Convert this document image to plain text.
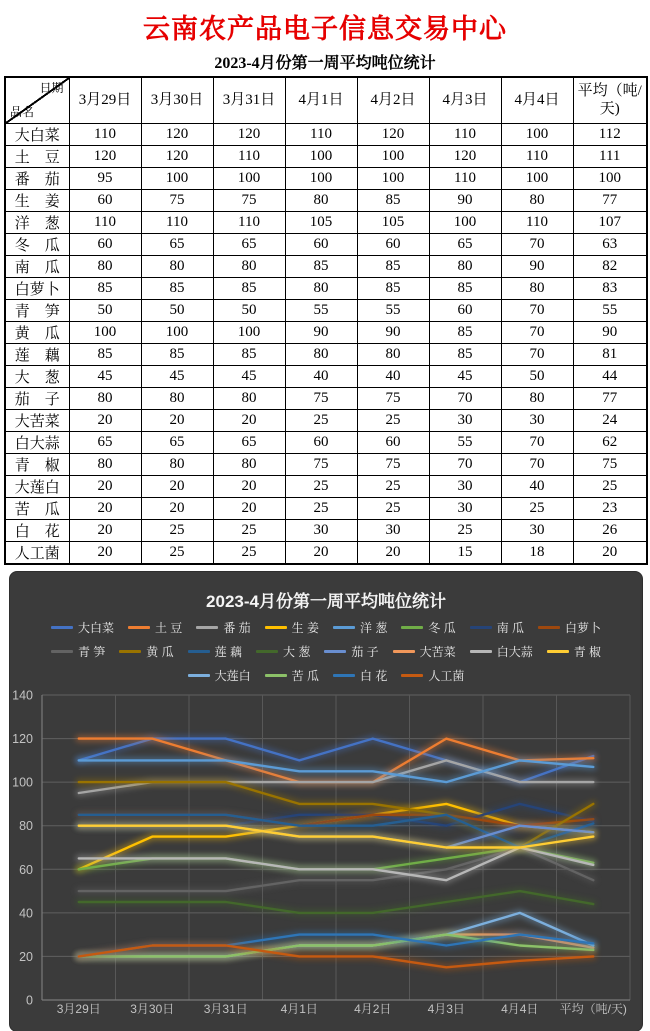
云南农产品电子信息交易中心
2023-4月份第一周平均吨位统计
日期
品名	3月29日	3月30日	3月31日	4月1日	4月2日	4月3日	4月4日	平均（吨/天)
大白菜	110	120	120	110	120	110	100	112
土　豆	120	120	110	100	100	120	110	111
番　茄	95	100	100	100	100	110	100	100
生　姜	60	75	75	80	85	90	80	77
洋　葱	110	110	110	105	105	100	110	107
冬　瓜	60	65	65	60	60	65	70	63
南　瓜	80	80	80	85	85	80	90	82
白萝卜	85	85	85	80	85	85	80	83
青　笋	50	50	50	55	55	60	70	55
黄　瓜	100	100	100	90	90	85	70	90
莲　藕	85	85	85	80	80	85	70	81
大　葱	45	45	45	40	40	45	50	44
茄　子	80	80	80	75	75	70	80	77
大苦菜	20	20	20	25	25	30	30	24
白大蒜	65	65	65	60	60	55	70	62
青　椒	80	80	80	75	75	70	70	75
大莲白	20	20	20	25	25	30	40	25
苦　瓜	20	20	20	25	25	30	25	23
白　花	20	25	25	30	30	25	30	26
人工菌	20	25	25	20	20	15	18	20
2023-4月份第一周平均吨位统计
大白菜	土 豆	番 茄	生 姜	洋 葱	冬 瓜	南 瓜	白萝卜
青 笋	黄 瓜	莲 藕	大 葱	茄 子	大苦菜	白大蒜	青 椒
大莲白	苦 瓜	白 花	人工菌
0
20
40
60
80
100
120
140
3月29日 3月30日 3月31日	4月1日	4月2日	4月3日	4月4日 平均（吨/天)
